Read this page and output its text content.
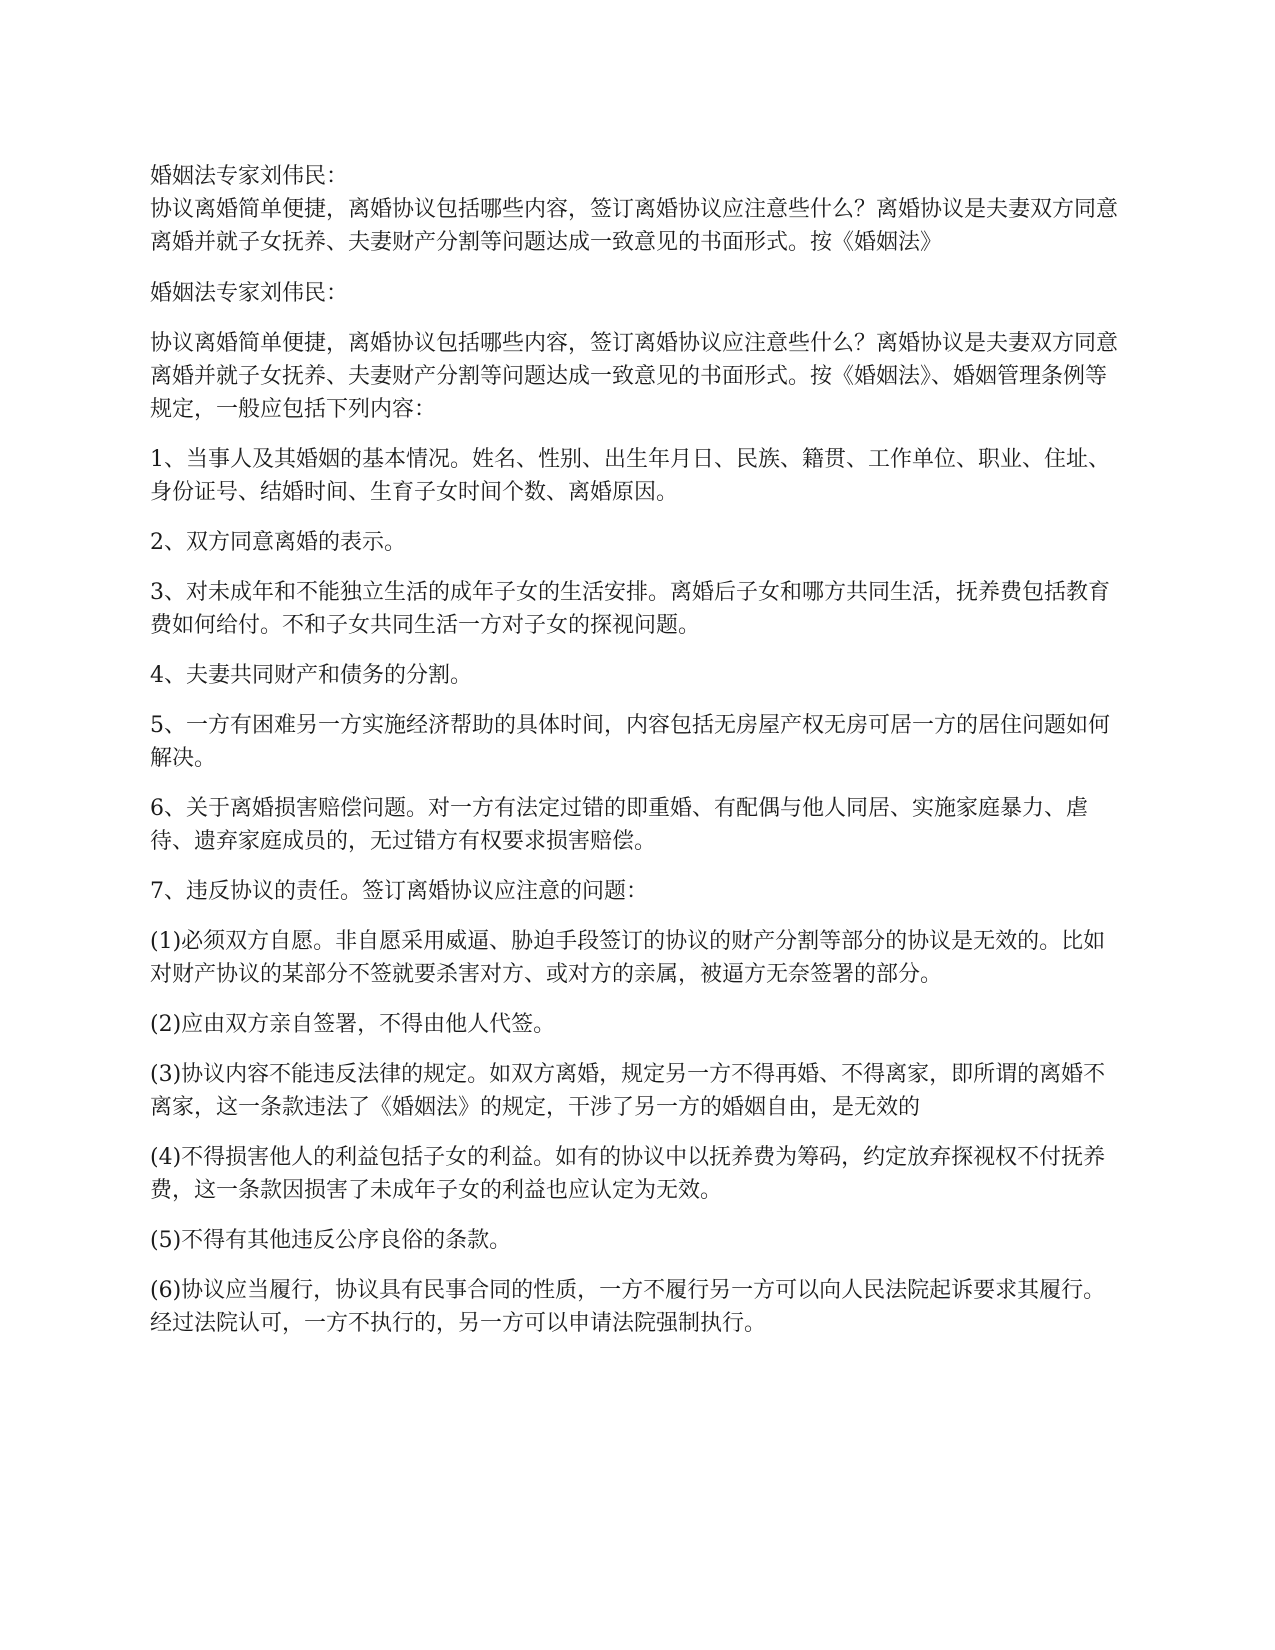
婚姻法专家刘伟民：
协议离婚简单便捷，离婚协议包括哪些内容，签订离婚协议应注意些什么？离婚协议是夫妻双方同意离婚并就子女抚养、夫妻财产分割等问题达成一致意见的书面形式。按《婚姻法》

婚姻法专家刘伟民：

协议离婚简单便捷，离婚协议包括哪些内容，签订离婚协议应注意些什么？离婚协议是夫妻双方同意离婚并就子女抚养、夫妻财产分割等问题达成一致意见的书面形式。按《婚姻法》、婚姻管理条例等规定，一般应包括下列内容：

1、当事人及其婚姻的基本情况。姓名、性别、出生年月日、民族、籍贯、工作单位、职业、住址、身份证号、结婚时间、生育子女时间个数、离婚原因。

2、双方同意离婚的表示。

3、对未成年和不能独立生活的成年子女的生活安排。离婚后子女和哪方共同生活，抚养费包括教育费如何给付。不和子女共同生活一方对子女的探视问题。

4、夫妻共同财产和债务的分割。

5、一方有困难另一方实施经济帮助的具体时间，内容包括无房屋产权无房可居一方的居住问题如何解决。

6、关于离婚损害赔偿问题。对一方有法定过错的即重婚、有配偶与他人同居、实施家庭暴力、虐待、遗弃家庭成员的，无过错方有权要求损害赔偿。

7、违反协议的责任。签订离婚协议应注意的问题：

(1)必须双方自愿。非自愿采用威逼、胁迫手段签订的协议的财产分割等部分的协议是无效的。比如对财产协议的某部分不签就要杀害对方、或对方的亲属，被逼方无奈签署的部分。

(2)应由双方亲自签署，不得由他人代签。

(3)协议内容不能违反法律的规定。如双方离婚，规定另一方不得再婚、不得离家，即所谓的离婚不离家，这一条款违法了《婚姻法》的规定，干涉了另一方的婚姻自由，是无效的

(4)不得损害他人的利益包括子女的利益。如有的协议中以抚养费为筹码，约定放弃探视权不付抚养费，这一条款因损害了未成年子女的利益也应认定为无效。

(5)不得有其他违反公序良俗的条款。

(6)协议应当履行，协议具有民事合同的性质，一方不履行另一方可以向人民法院起诉要求其履行。经过法院认可，一方不执行的，另一方可以申请法院强制执行。
